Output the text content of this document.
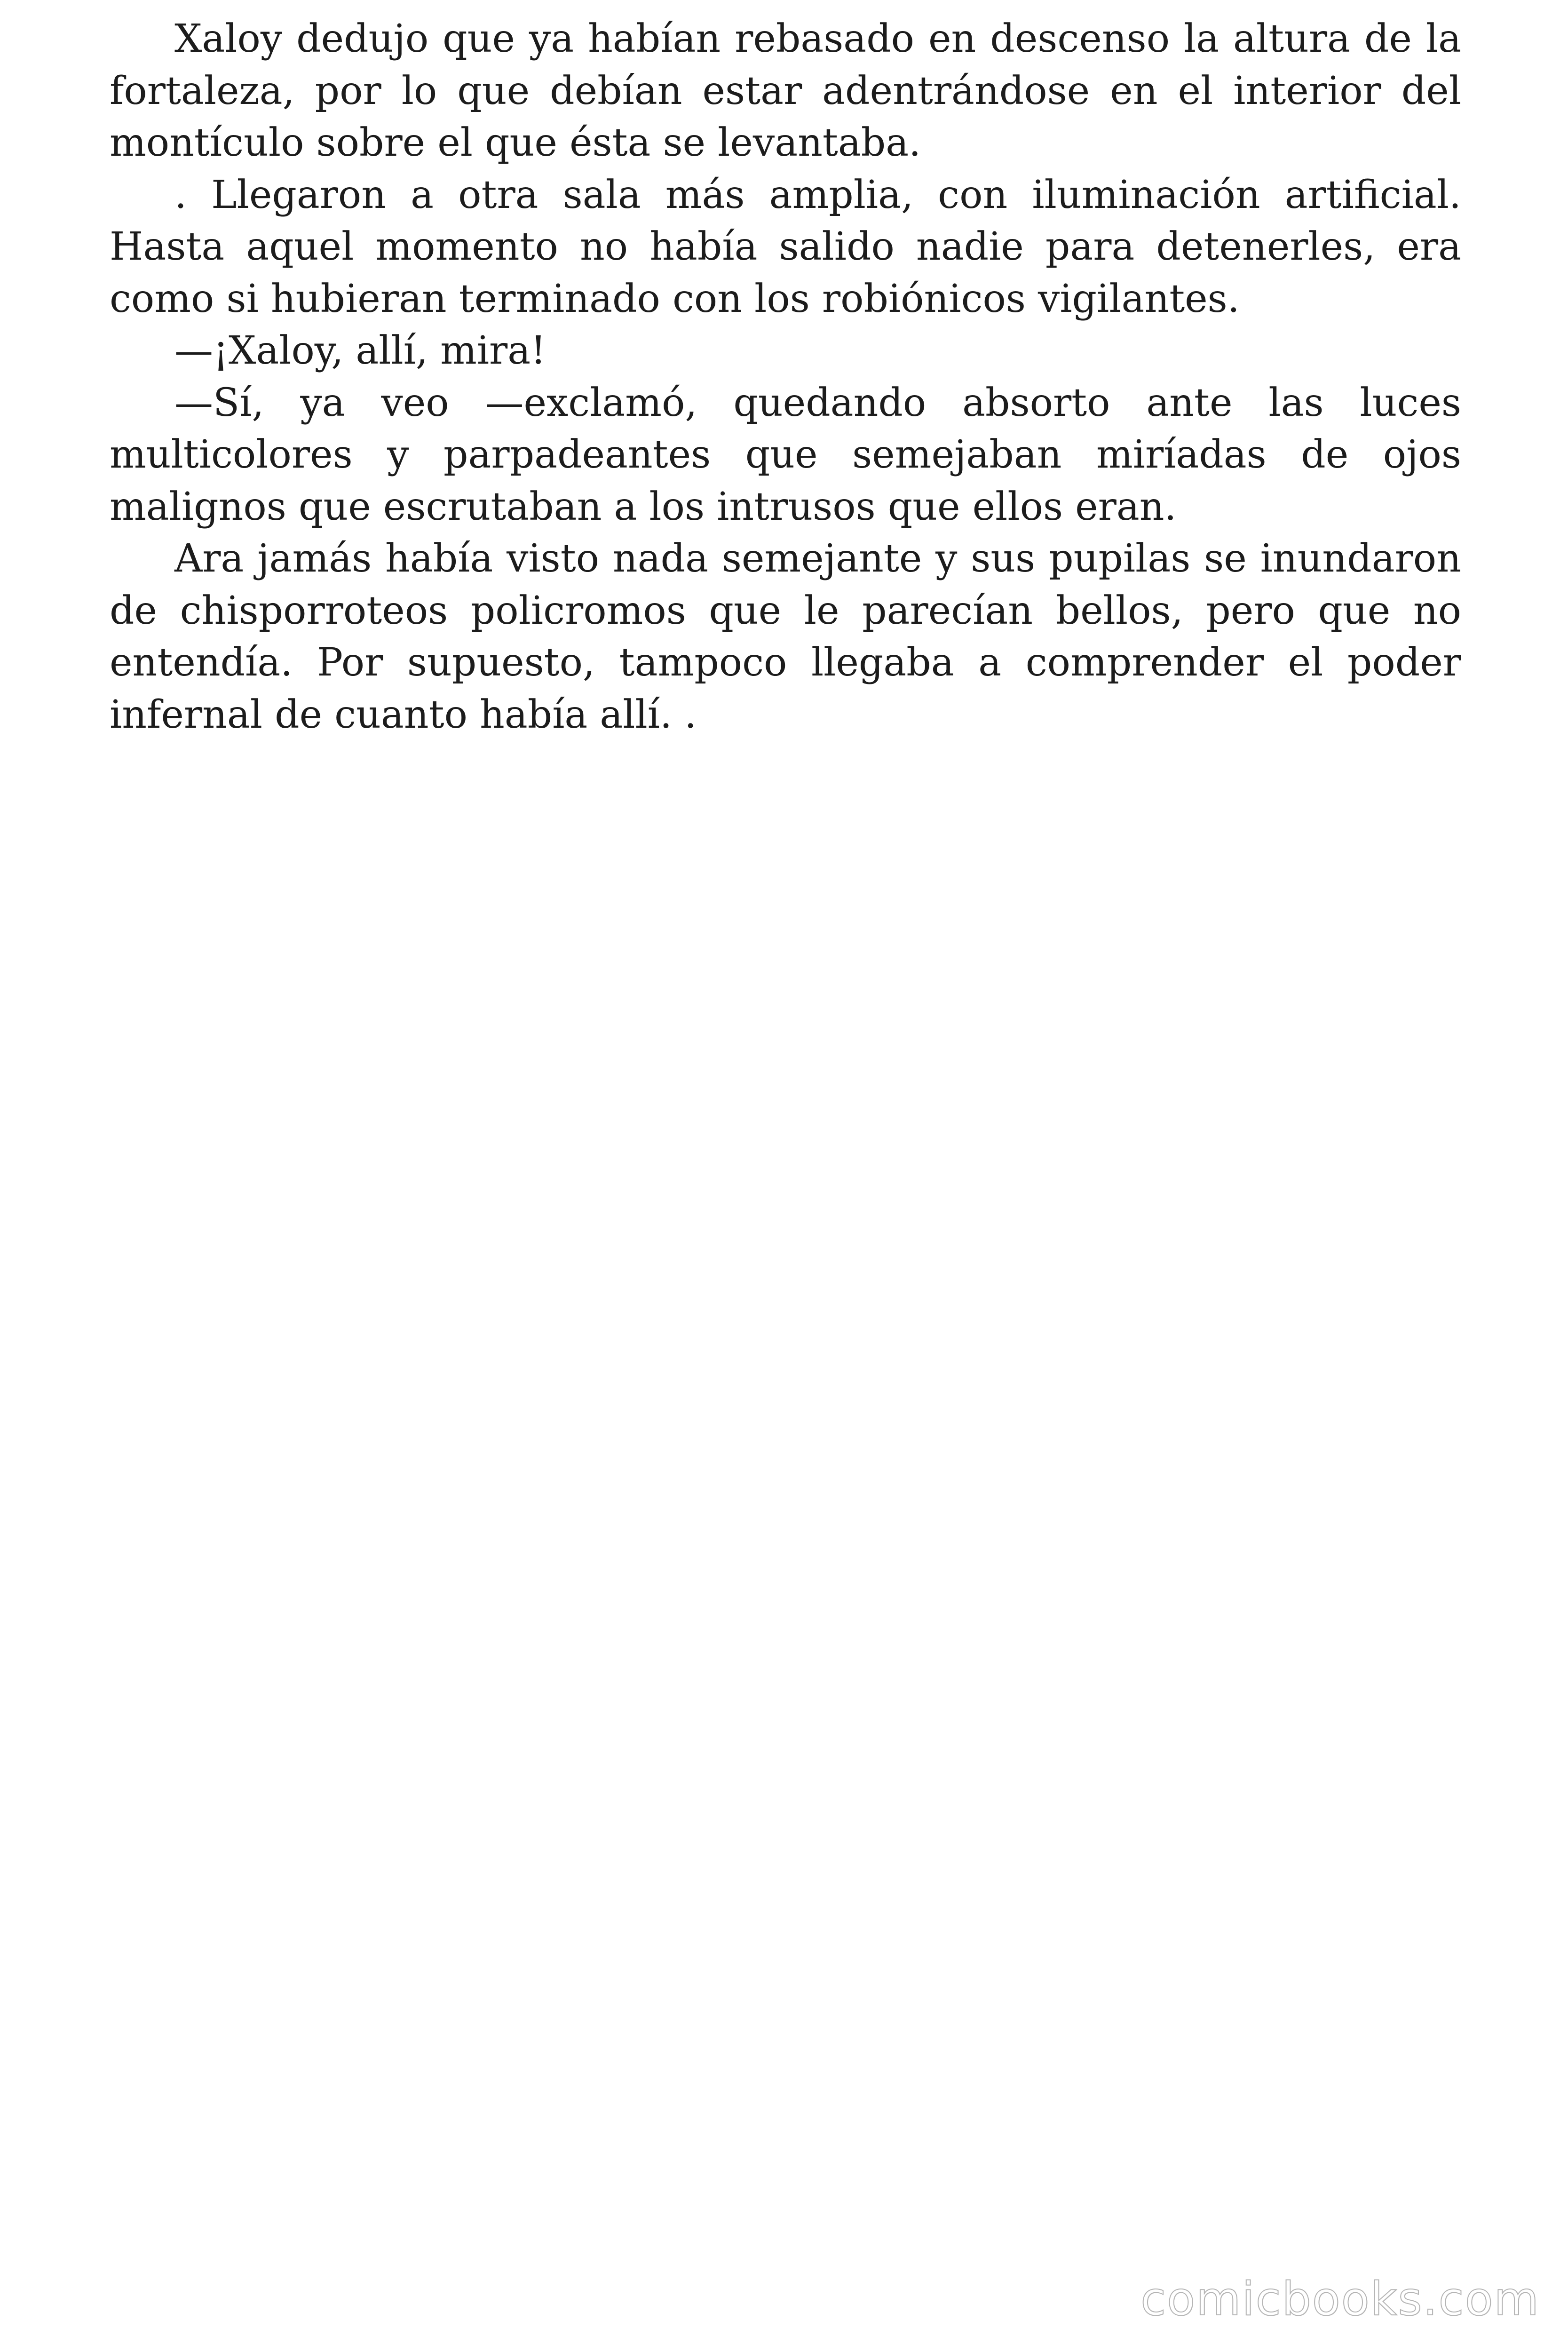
Xaloy dedujo que ya habían rebasado en descenso la altura de la fortaleza, por lo que debían estar adentrándose en el interior del montículo sobre el que ésta se levantaba.

. Llegaron a otra sala más amplia, con iluminación artificial. Hasta aquel momento no había salido nadie para detenerles, era como si hubieran terminado con los robiónicos vigilantes.

—¡Xaloy, allí, mira!

—Sí, ya veo —exclamó, quedando absorto ante las luces multicolores y parpadeantes que semejaban miríadas de ojos malignos que escrutaban a los intrusos que ellos eran.

Ara jamás había visto nada semejante y sus pupilas se inundaron de chisporroteos policromos que le parecían bellos, pero que no entendía. Por supuesto, tampoco llegaba a comprender el poder infernal de cuanto había allí. .

comicbooks.com
